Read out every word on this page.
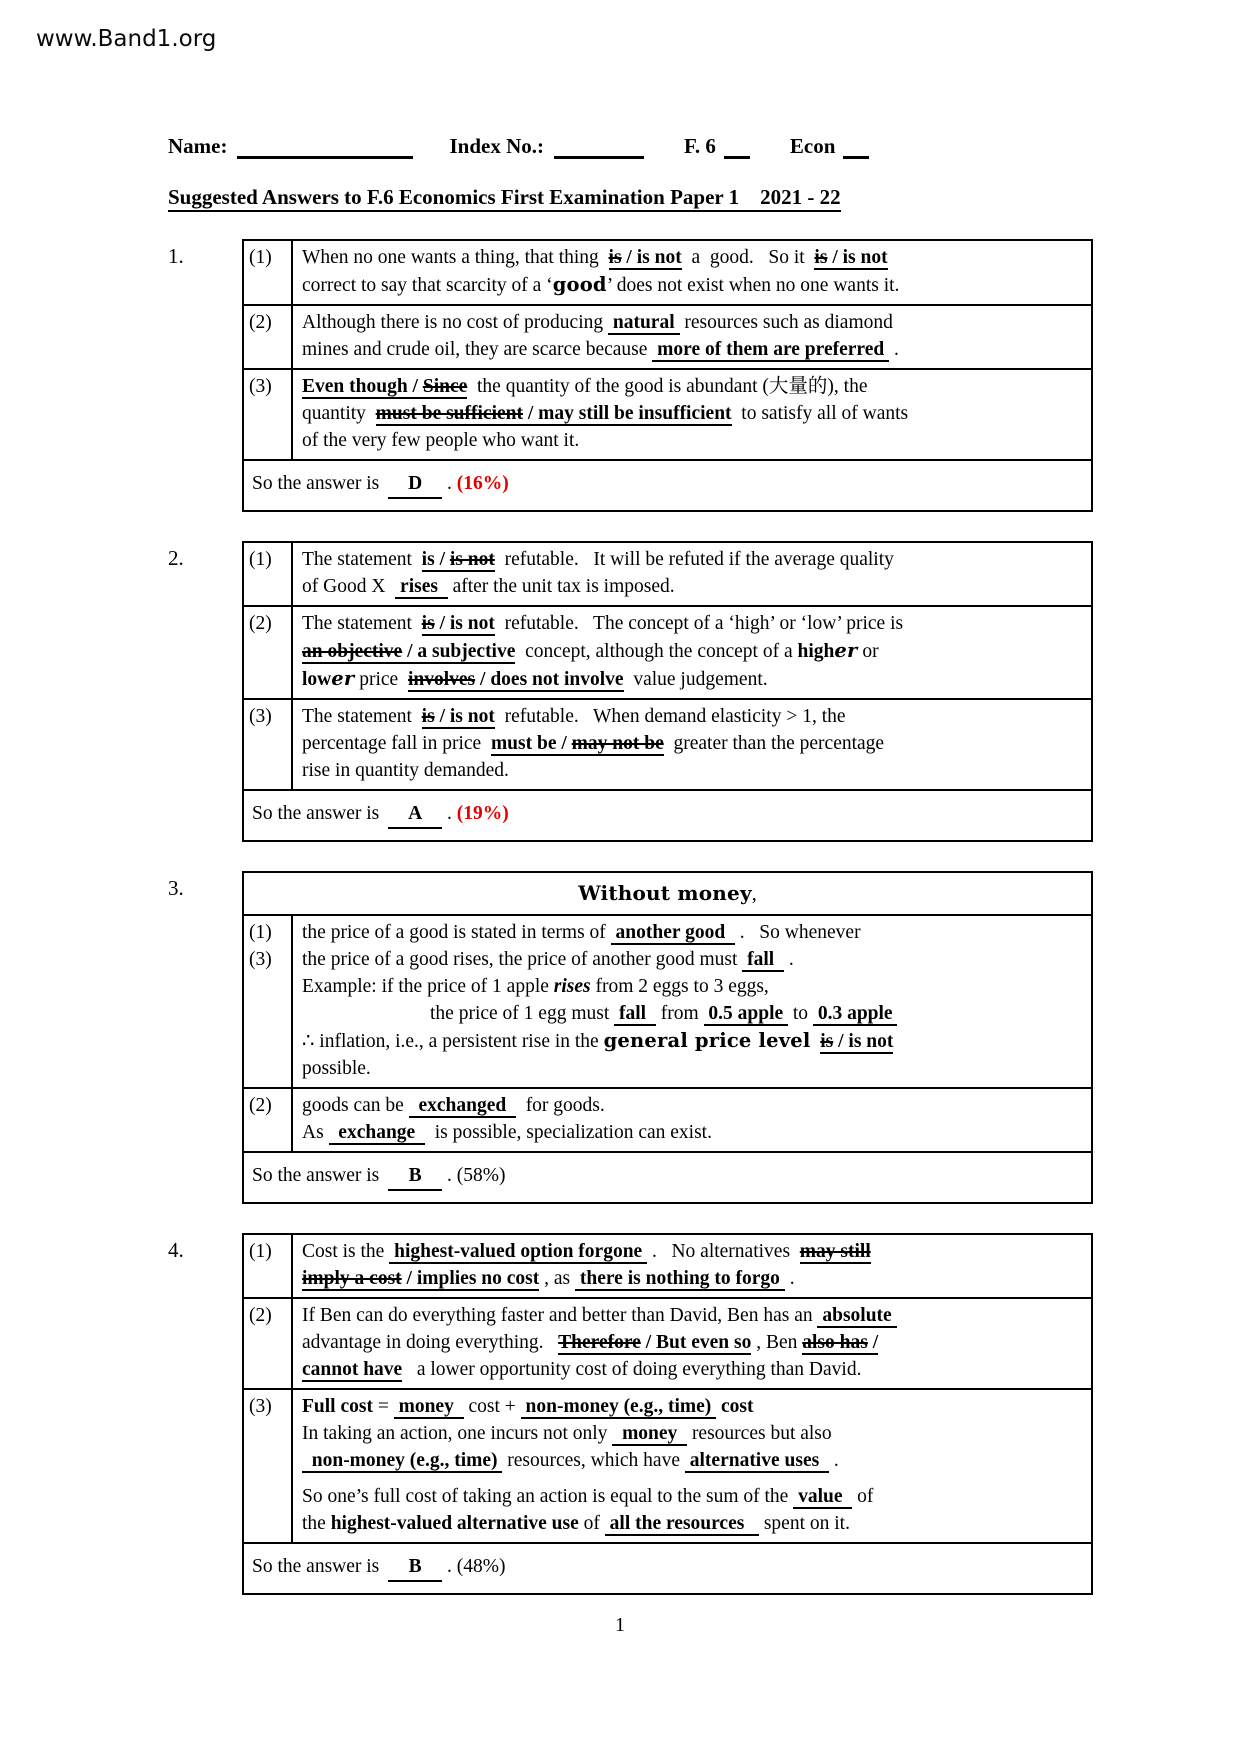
www.Band1.org
Name:	Index No.:	F. 6	Econ
Suggested Answers to F.6 Economics First Examination Paper 1    2021 - 22
1.	(1)	When no one wants a thing, that thing  is / is not  a  good.   So it  is / is not
correct to say that scarcity of a ‘good’ does not exist when no one wants it.
(2)	Although there is no cost of producing  natural  resources such as diamond
mines and crude oil, they are scarce because  more of them are preferred  .
(3)	Even though / Since  the quantity of the good is abundant (大量的), the
quantity  must be sufficient / may still be insufficient  to satisfy all of wants
of the very few people who want it.
So the answer is D . (16%)
2.	(1)	The statement  is / is not  refutable.   It will be refuted if the average quality
of Good X   rises   after the unit tax is imposed.
(2)	The statement  is / is not  refutable.   The concept of a ‘high’ or ‘low’ price is
an objective / a subjective  concept, although the concept of a higher or
lower price  involves / does not involve  value judgement.
(3)	The statement  is / is not  refutable.   When demand elasticity > 1, the
percentage fall in price  must be / may not be  greater than the percentage
rise in quantity demanded.
So the answer is A . (19%)
3.	Without money,
(1)
(3)
the price of a good is stated in terms of  another good   .   So whenever
the price of a good rises, the price of another good must  fall   .
Example: if the price of 1 apple rises from 2 eggs to 3 eggs,
the price of 1 egg must  fall   from  0.5 apple  to  0.3 apple
∴ inflation, i.e., a persistent rise in the general price level is / is not
possible.
(2)	goods can be   exchanged    for goods.
As   exchange    is possible, specialization can exist.
So the answer is B . (58%)
4.	(1)	Cost is the  highest-valued option forgone  .   No alternatives  may still
imply a cost / implies no cost , as  there is nothing to forgo  .
(2)	If Ben can do everything faster and better than David, Ben has an  absolute
advantage in doing everything.   Therefore / But even so , Ben also has /
cannot have   a lower opportunity cost of doing everything than David.
(3)	Full cost =  money   cost +  non-money (e.g., time)  cost
In taking an action, one incurs not only   money   resources but also
non-money (e.g., time)  resources, which have  alternative uses   .
So one’s full cost of taking an action is equal to the sum of the  value   of
the highest-valued alternative use of  all the resources    spent on it.
So the answer is B . (48%)
1
